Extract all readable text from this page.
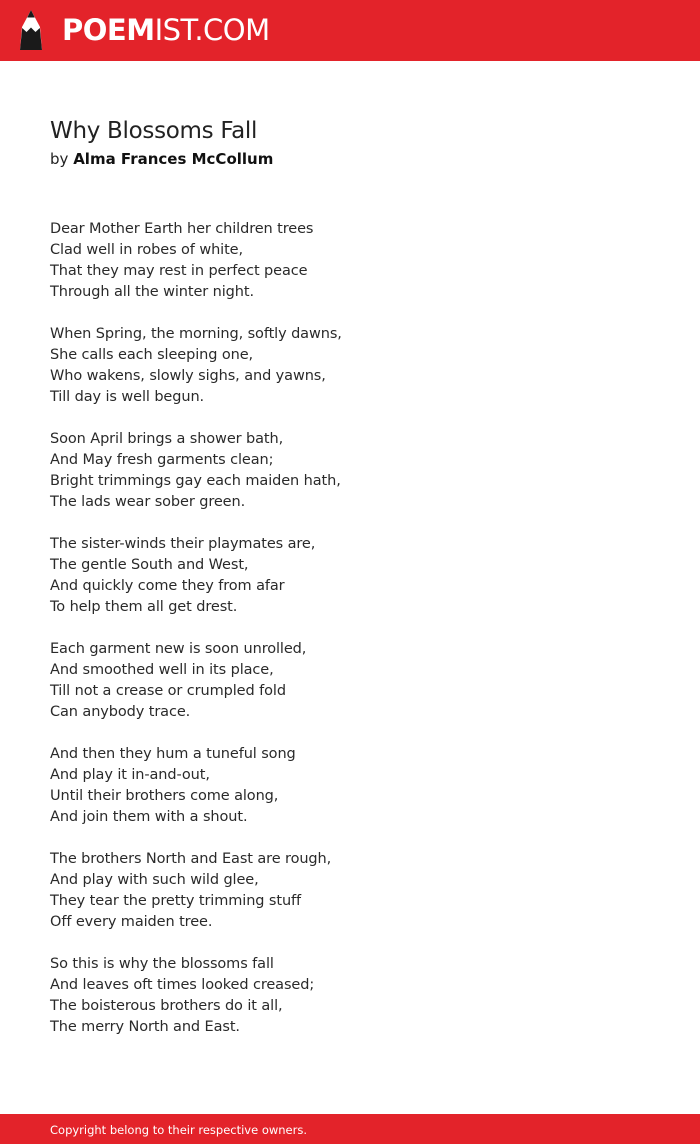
POEMIST.COM
Why Blossoms Fall

by Alma Frances McCollum

Dear Mother Earth her children trees
Clad well in robes of white,
That they may rest in perfect peace
Through all the winter night.
When Spring, the morning, softly dawns,
She calls each sleeping one,
Who wakens, slowly sighs, and yawns,
Till day is well begun.
Soon April brings a shower bath,
And May fresh garments clean;
Bright trimmings gay each maiden hath,
The lads wear sober green.
The sister-winds their playmates are,
The gentle South and West,
And quickly come they from afar
To help them all get drest.
Each garment new is soon unrolled,
And smoothed well in its place,
Till not a crease or crumpled fold
Can anybody trace.
And then they hum a tuneful song
And play it in-and-out,
Until their brothers come along,
And join them with a shout.
The brothers North and East are rough,
And play with such wild glee,
They tear the pretty trimming stuff
Off every maiden tree.
So this is why the blossoms fall
And leaves oft times looked creased;
The boisterous brothers do it all,
The merry North and East.
Copyright belong to their respective owners.
